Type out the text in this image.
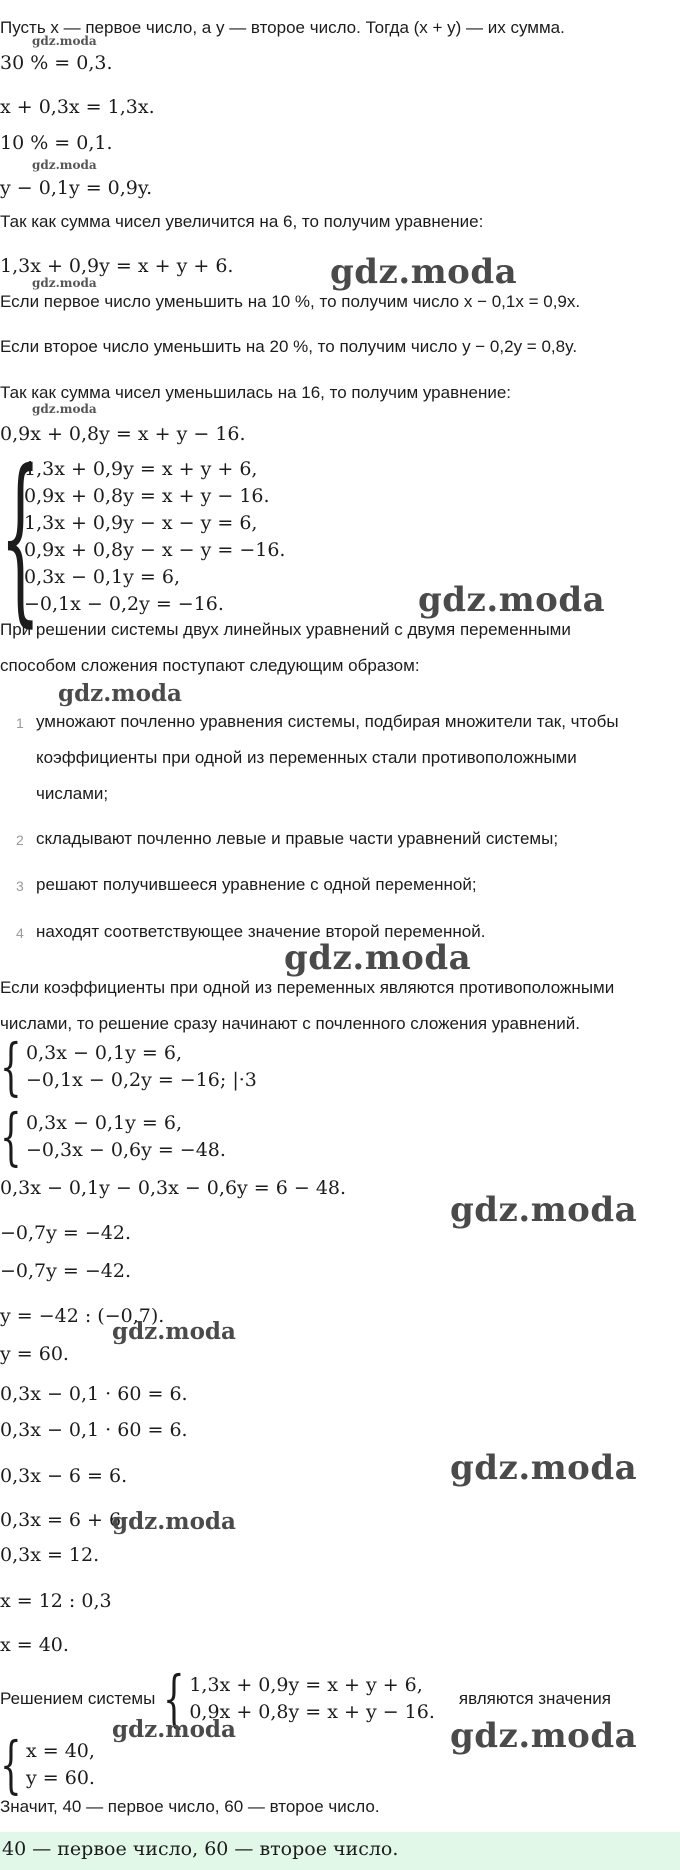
Пусть x — первое число, а y — второе число. Тогда (x + y) — их сумма.
30 % = 0,3.
x + 0,3x = 1,3x.
10 % = 0,1.
y − 0,1y = 0,9y.
Так как сумма чисел увеличится на 6, то получим уравнение:
1,3x + 0,9y = x + y + 6.
Если первое число уменьшить на 10 %, то получим число x − 0,1x = 0,9x.
Если второе число уменьшить на 20 %, то получим число y − 0,2y = 0,8y.
Так как сумма чисел уменьшилась на 16, то получим уравнение:
0,9x + 0,8y = x + y − 16.
{
1,3x + 0,9y = x + y + 6,
0,9x + 0,8y = x + y − 16.
1,3x + 0,9y − x − y = 6,
0,9x + 0,8y − x − y = −16.
0,3x − 0,1y = 6,
−0,1x − 0,2y = −16.
При решении системы двух линейных уравнений с двумя переменными
способом сложения поступают следующим образом:
1 умножают почленно уравнения системы, подбирая множители так, чтобы
коэффициенты при одной из переменных стали противоположными
числами;
2 складывают почленно левые и правые части уравнений системы;
3 решают получившееся уравнение с одной переменной;
4 находят соответствующее значение второй переменной.
Если коэффициенты при одной из переменных являются противоположными
числами, то решение сразу начинают с почленного сложения уравнений.
{ 0,3x − 0,1y = 6,
−0,1x − 0,2y = −16; |·3
{ 0,3x − 0,1y = 6,
−0,3x − 0,6y = −48.
0,3x − 0,1y − 0,3x − 0,6y = 6 − 48.
−0,7y = −42.
−0,7y = −42.
y = −42 : (−0,7).
y = 60.
0,3x − 0,1 · 60 = 6.
0,3x − 0,1 · 60 = 6.
0,3x − 6 = 6.
0,3x = 6 + 6.
0,3x = 12.
x = 12 : 0,3
x = 40.
Решением системы { 1,3x + 0,9y = x + y + 6,
0,9x + 0,8y = x + y − 16.
являются значения
{ x = 40,
y = 60.
Значит, 40 — первое число, 60 — второе число.
40 — первое число, 60 — второе число.
gdz.moda
gdz.moda
gdz.moda
gdz.moda
gdz.moda
gdz.moda
gdz.moda
gdz.moda
gdz.moda
gdz.moda
gdz.moda
gdz.moda
gdz.moda	gdz.moda
